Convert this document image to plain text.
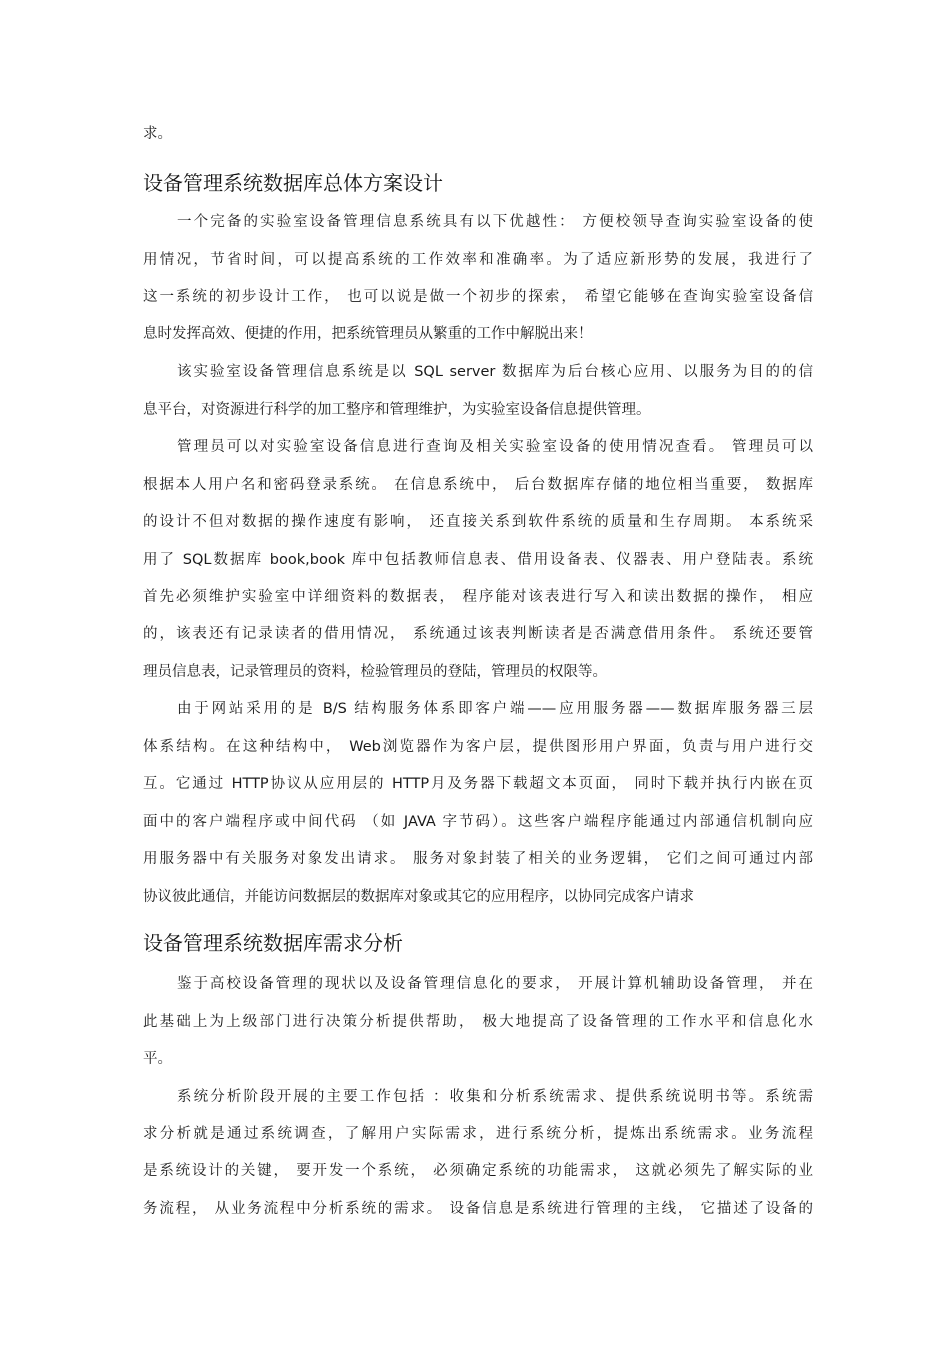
求。
设备管理系统数据库总体方案设计
一个完备的实验室设备管理信息系统具有以下优越性： 方便校领导查询实验室设备的使
用情况，节省时间，可以提高系统的工作效率和准确率。为了适应新形势的发展，我进行了
这一系统的初步设计工作， 也可以说是做一个初步的探索， 希望它能够在查询实验室设备信
息时发挥高效、便捷的作用，把系统管理员从繁重的工作中解脱出来！
该实验室设备管理信息系统是以 SQL server 数据库为后台核心应用、以服务为目的的信
息平台，对资源进行科学的加工整序和管理维护，为实验室设备信息提供管理。
管理员可以对实验室设备信息进行查询及相关实验室设备的使用情况查看。 管理员可以
根据本人用户名和密码登录系统。 在信息系统中， 后台数据库存储的地位相当重要， 数据库
的设计不但对数据的操作速度有影响， 还直接关系到软件系统的质量和生存周期。 本系统采
用了 SQL数据库 book,book 库中包括教师信息表、借用设备表、仪器表、用户登陆表。系统
首先必须维护实验室中详细资料的数据表， 程序能对该表进行写入和读出数据的操作， 相应
的，该表还有记录读者的借用情况， 系统通过该表判断读者是否满意借用条件。 系统还要管
理员信息表，记录管理员的资料，检验管理员的登陆，管理员的权限等。
由于网站采用的是 B/S 结构服务体系即客户端——应用服务器——数据库服务器三层
体系结构。在这种结构中， Web浏览器作为客户层，提供图形用户界面，负责与用户进行交
互。它通过 HTTP协议从应用层的 HTTP月及务器下载超文本页面， 同时下载并执行内嵌在页
面中的客户端程序或中间代码 （如 JAVA 字节码）。这些客户端程序能通过内部通信机制向应
用服务器中有关服务对象发出请求。 服务对象封装了相关的业务逻辑， 它们之间可通过内部
协议彼此通信，并能访问数据层的数据库对象或其它的应用程序，以协同完成客户请求
设备管理系统数据库需求分析
鉴于高校设备管理的现状以及设备管理信息化的要求， 开展计算机辅助设备管理， 并在
此基础上为上级部门进行决策分析提供帮助， 极大地提高了设备管理的工作水平和信息化水
平。
系统分析阶段开展的主要工作包括 ：收集和分析系统需求、提供系统说明书等。系统需
求分析就是通过系统调查，了解用户实际需求，进行系统分析，提炼出系统需求。业务流程
是系统设计的关键， 要开发一个系统， 必须确定系统的功能需求， 这就必须先了解实际的业
务流程， 从业务流程中分析系统的需求。 设备信息是系统进行管理的主线， 它描述了设备的
